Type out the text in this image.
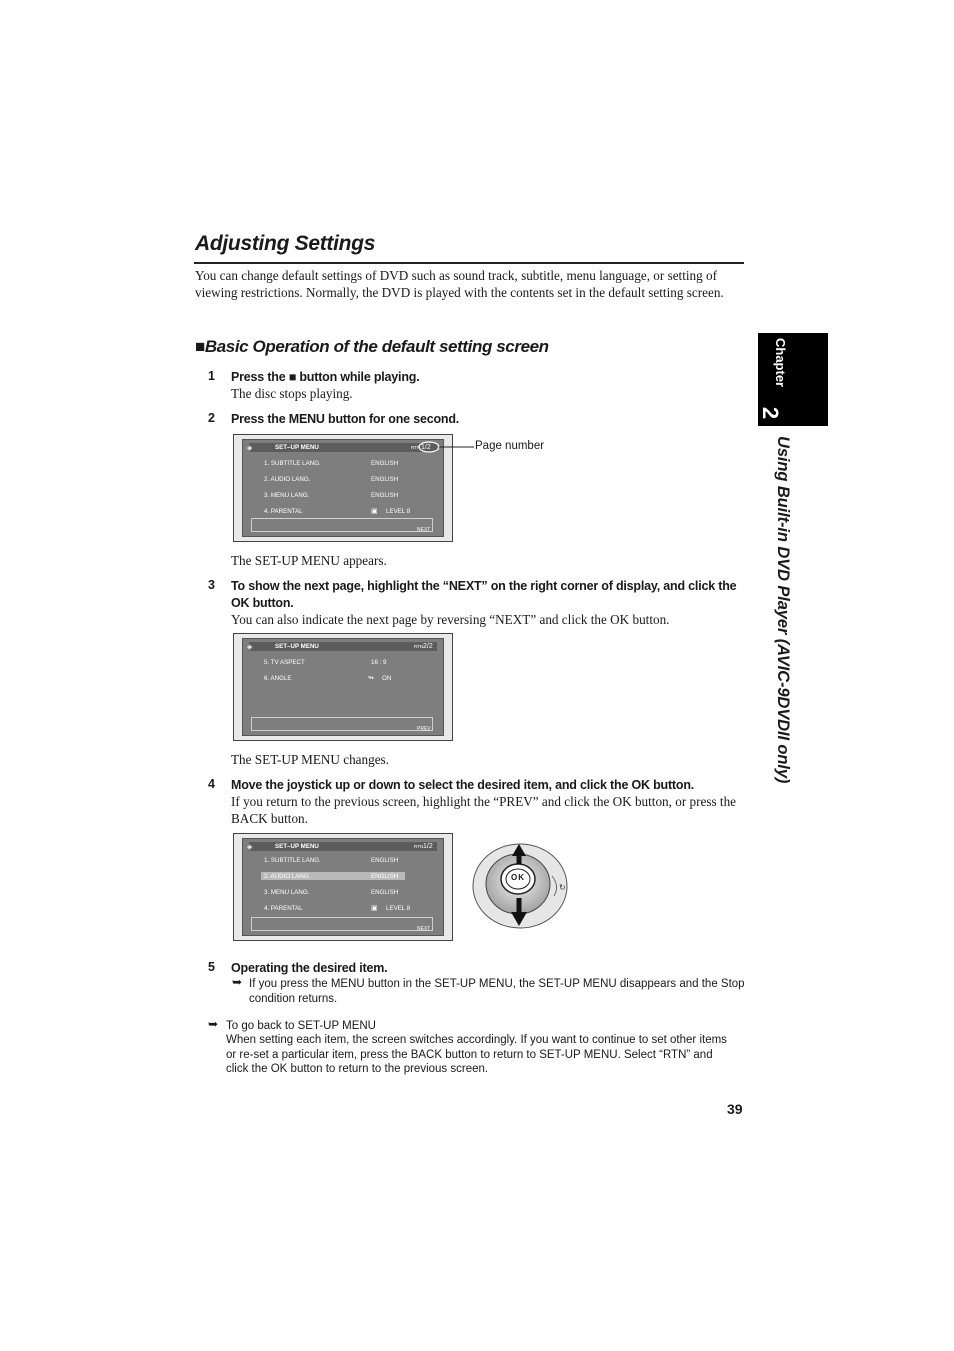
Adjusting Settings
You can change default settings of DVD such as sound track, subtitle, menu language, or setting of viewing restrictions. Normally, the DVD is played with the contents set in the default setting screen.
■Basic Operation of the default setting screen
1 Press the ■ button while playing.
The disc stops playing.
2 Press the MENU button for one second.
◈	SET–UP MENU	RTN 1/2
1. SUBTITLE LANG.	ENGLISH
2. AUDIO LANG.	ENGLISH
3. MENU LANG.	ENGLISH
4. PARENTAL	▣ LEVEL 8
NEXT
Page number
The SET-UP MENU appears.
3 To show the next page, highlight the “NEXT” on the right corner of display, and click the OK button.
You can also indicate the next page by reversing “NEXT” and click the OK button.
◈	SET–UP MENU	RTN 2/2
5. TV ASPECT	16 : 9
6. ANGLE	↬ ON
PREV
The SET-UP MENU changes.
4 Move the joystick up or down to select the desired item, and click the OK button.
If you return to the previous screen, highlight the “PREV” and click the OK button, or press the BACK button.
◈	SET–UP MENU	RTN 1/2
1. SUBTITLE LANG.	ENGLISH
2. AUDIO LANG.	ENGLISH
3. MENU LANG.	ENGLISH
4. PARENTAL	▣ LEVEL 8
NEXT
↻
OK
5 Operating the desired item.
➥ If you press the MENU button in the SET-UP MENU, the SET-UP MENU disappears and the Stop condition returns.
➥ To go back to SET-UP MENU
When setting each item, the screen switches accordingly. If you want to continue to set other items or re-set a particular item, press the BACK button to return to SET-UP MENU. Select “RTN” and click the OK button to return to the previous screen.
Chapter
2
Using Built-in DVD Player (AVIC-9DVDII only)
39
